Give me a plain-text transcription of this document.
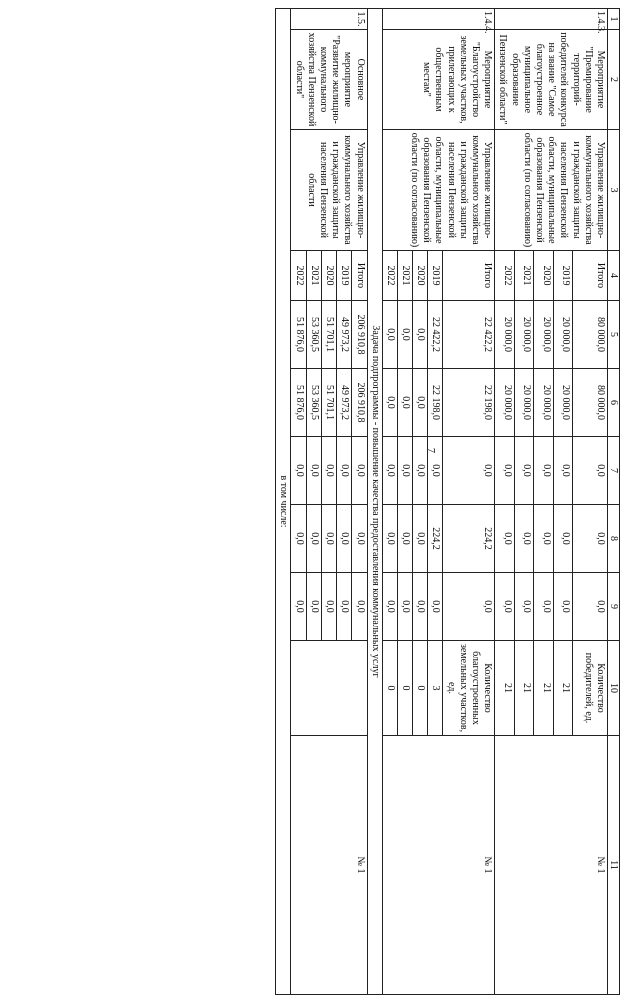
7
1	2	3	4	5	6	7	8	9	10	11
1.4.3.	Мероприятие "Премирование территорий-победителей конкурса на звание "Самое благоустроенное муниципальное образование Пензенской области"	Управление жилищно-коммунального хозяйства и гражданской защиты населения Пензенской области, муниципальные образования Пензенской области (по согласованию)	Итого	80 000,0	80 000,0	0,0	0,0	0,0	Количество победителей, ед.	№ 1
			2019	20 000,0	20 000,0	0,0	0,0	0,0	21	
			2020	20 000,0	20 000,0	0,0	0,0	0,0	21	
			2021	20 000,0	20 000,0	0,0	0,0	0,0	21	
			2022	20 000,0	20 000,0	0,0	0,0	0,0	21	
1.4.4.	Мероприятие "Благоустройство земельных участков, прилегающих к общественным местам"	Управление жилищно-коммунального хозяйства и гражданской защиты населения Пензенской области, муниципальные образования Пензенской области (по согласованию)	Итого	22 422,2	22 198,0	0,0	224,2	0,0	Количество благоустроенных земельных участков, ед.	№ 1
			2019	22 422,2	22 198,0	0,0	224,2	0,0	3	
			2020	0,0	0,0	0,0	0,0	0,0	0	
			2021	0,0	0,0	0,0	0,0	0,0	0	
			2022	0,0	0,0	0,0	0,0	0,0	0	
Задача подпрограммы - повышение качества предоставления коммунальных услуг										
1.5.	Основное мероприятие "Развитие жилищно-коммунального хозяйства Пензенской области"	Управление жилищно-коммунального хозяйства и гражданской защиты населения Пензенской области	Итого	206 910,8	206 910,8	0,0	0,0	0,0		№ 1
			2019	49 973,2	49 973,2	0,0	0,0	0,0		
			2020	51 701,1	51 701,1	0,0	0,0	0,0		
			2021	53 360,5	53 360,5	0,0	0,0	0,0		
			2022	51 876,0	51 876,0	0,0	0,0	0,0		
в том числе:										
